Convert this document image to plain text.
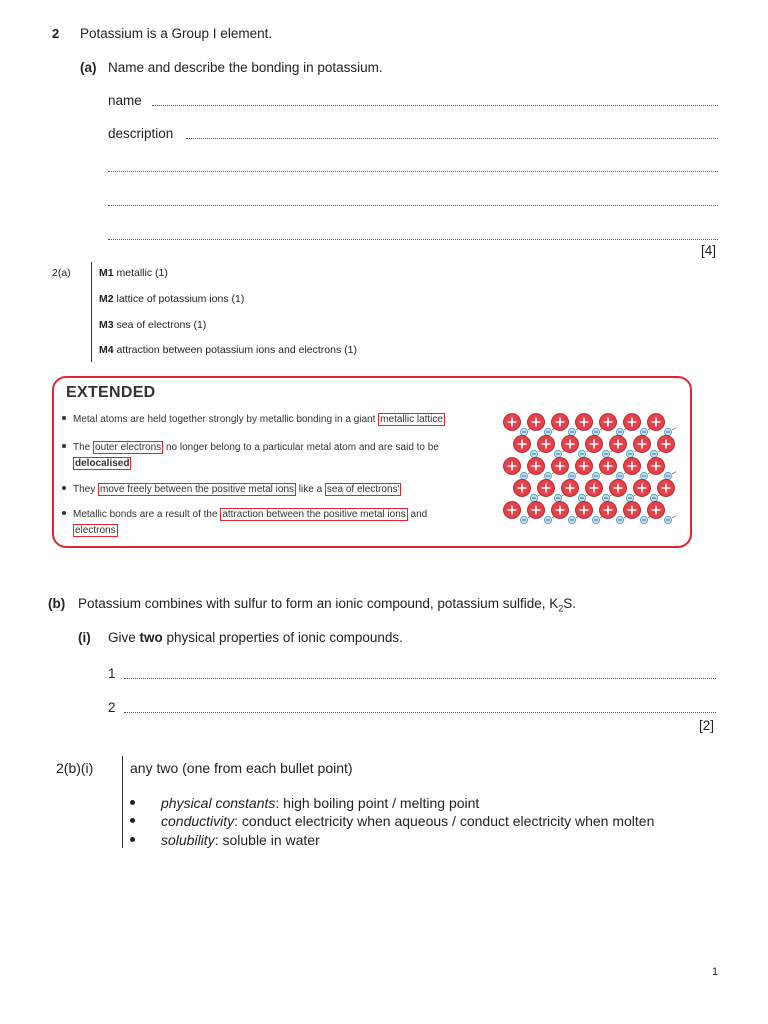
2 Potassium is a Group I element.
(a) Name and describe the bonding in potassium.
name
description
[4]
2(a)	M1 metallic (1)
M2 lattice of potassium ions (1)
M3 sea of electrons (1)
M4 attraction between potassium ions and electrons (1)
EXTENDED
Metal atoms are held together strongly by metallic bonding in a giant metallic lattice
The outer electrons no longer belong to a particular metal atom and are said to be
delocalised
They move freely between the positive metal ions like a sea of electrons'
Metallic bonds are a result of the attraction between the positive metal ions and
electrons
(b) Potassium combines with sulfur to form an ionic compound, potassium sulfide, $K_2S$.
(i) Give two physical properties of ionic compounds.
1
2
[2]
2(b)(i)	any two (one from each bullet point)
physical constants: high boiling point / melting point
conductivity: conduct electricity when aqueous / conduct electricity when molten
solubility: soluble in water
1
